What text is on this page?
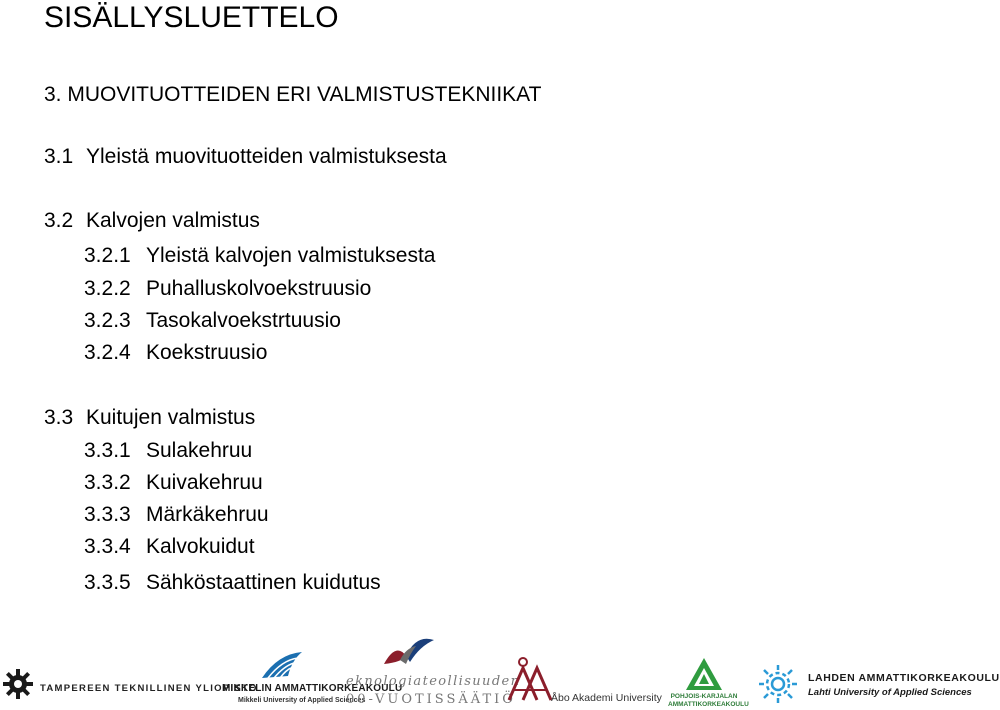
SISÄLLYSLUETTELO
3. MUOVITUOTTEIDEN ERI VALMISTUSTEKNIIKAT
3.1 Yleistä muovituotteiden valmistuksesta
3.2 Kalvojen valmistus
3.2.1 Yleistä kalvojen valmistuksesta
3.2.2 Puhalluskolvoekstruusio
3.2.3 Tasokalvoekstrtuusio
3.2.4 Koekstruusio
3.3 Kuitujen valmistus
3.3.1 Sulakehruu
3.3.2 Kuivakehruu
3.3.3 Märkäkehruu
3.3.4 Kalvokuidut
3.3.5 Sähköstaattinen kuidutus
TAMPEREEN TEKNILLINEN YLIOPISTO
MIKKELIN AMMATTIKORKEAKOULU
Mikkeli University of Applied Sciences
eknologiateollisuuden
00-VUOTISSÄÄTIÖ	Åbo Akademi University	POHJOIS-KARJALAN
AMMATTIKORKEAKOULU
LAHDEN AMMATTIKORKEAKOULU
Lahti University of Applied Sciences
